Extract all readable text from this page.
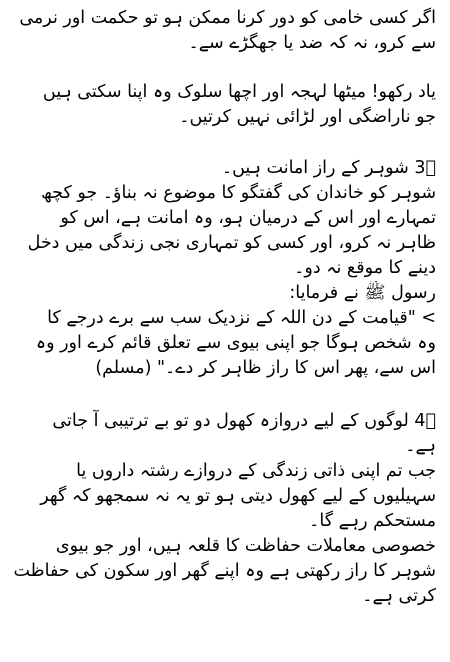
اگر کسی خامی کو دور کرنا ممکن ہو تو حکمت اور نرمی
سے کرو، نہ کہ ضد یا جھگڑے سے۔
یاد رکھو! میٹھا لہجہ اور اچھا سلوک وہ اپنا سکتی ہیں
جو ناراضگی اور لڑائی نہیں کرتیں۔
3⃣ شوہر کے راز امانت ہیں۔
شوہر کو خاندان کی گفتگو کا موضوع نہ بناؤ۔ جو کچھ
تمہارے اور اس کے درمیان ہو، وہ امانت ہے، اس کو
ظاہر نہ کرو، اور کسی کو تمہاری نجی زندگی میں دخل
دینے کا موقع نہ دو۔
رسول ﷺ نے فرمایا:
> "قیامت کے دن اللہ کے نزدیک سب سے برے درجے کا
وہ شخص ہوگا جو اپنی بیوی سے تعلق قائم کرے اور وہ
اس سے، پھر اس کا راز ظاہر کر دے۔" (مسلم)
4⃣ لوگوں کے لیے دروازہ کھول دو تو بے ترتیبی آ جاتی
ہے۔
جب تم اپنی ذاتی زندگی کے دروازے رشتہ داروں یا
سہیلیوں کے لیے کھول دیتی ہو تو یہ نہ سمجھو کہ گھر
مستحکم رہے گا۔
خصوصی معاملات حفاظت کا قلعہ ہیں، اور جو بیوی
شوہر کا راز رکھتی ہے وہ اپنے گھر اور سکون کی حفاظت
کرتی ہے۔
